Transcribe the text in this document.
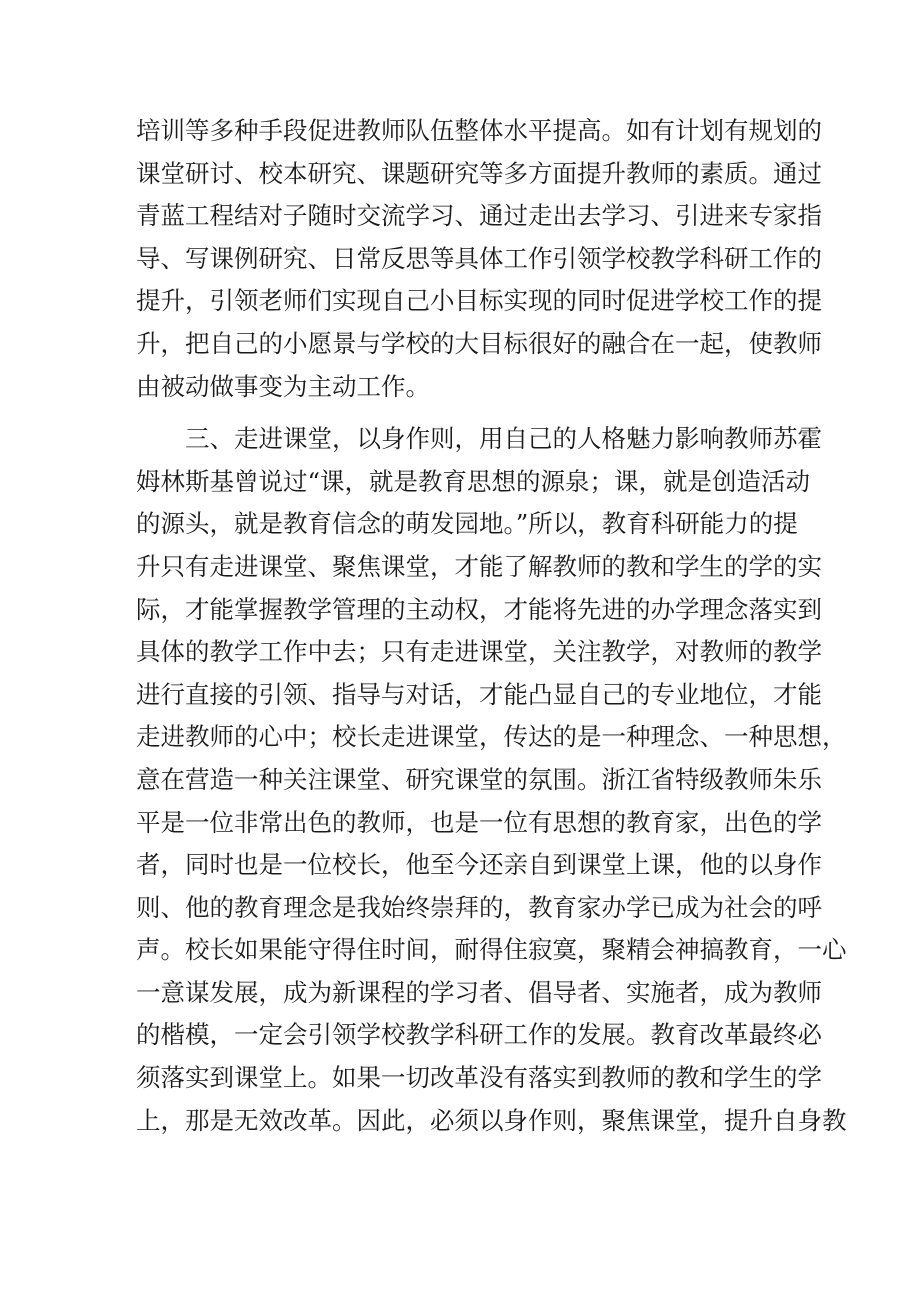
培训等多种手段促进教师队伍整体水平提高。如有计划有规划的
课堂研讨、校本研究、课题研究等多方面提升教师的素质。通过
青蓝工程结对子随时交流学习、通过走出去学习、引进来专家指
导、写课例研究、日常反思等具体工作引领学校教学科研工作的
提升，引领老师们实现自己小目标实现的同时促进学校工作的提
升，把自己的小愿景与学校的大目标很好的融合在一起，使教师
由被动做事变为主动工作。
三、走进课堂，以身作则，用自己的人格魅力影响教师苏霍
姆林斯基曾说过“课，就是教育思想的源泉；课，就是创造活动
的源头，就是教育信念的萌发园地。”所以，教育科研能力的提
升只有走进课堂、聚焦课堂，才能了解教师的教和学生的学的实
际，才能掌握教学管理的主动权，才能将先进的办学理念落实到
具体的教学工作中去；只有走进课堂，关注教学，对教师的教学
进行直接的引领、指导与对话，才能凸显自己的专业地位，才能
走进教师的心中；校长走进课堂，传达的是一种理念、一种思想，
意在营造一种关注课堂、研究课堂的氛围。浙江省特级教师朱乐
平是一位非常出色的教师，也是一位有思想的教育家，出色的学
者，同时也是一位校长，他至今还亲自到课堂上课，他的以身作
则、他的教育理念是我始终崇拜的，教育家办学已成为社会的呼
声。校长如果能守得住时间，耐得住寂寞，聚精会神搞教育，一心
一意谋发展，成为新课程的学习者、倡导者、实施者，成为教师
的楷模，一定会引领学校教学科研工作的发展。教育改革最终必
须落实到课堂上。如果一切改革没有落实到教师的教和学生的学
上，那是无效改革。因此，必须以身作则，聚焦课堂，提升自身教
